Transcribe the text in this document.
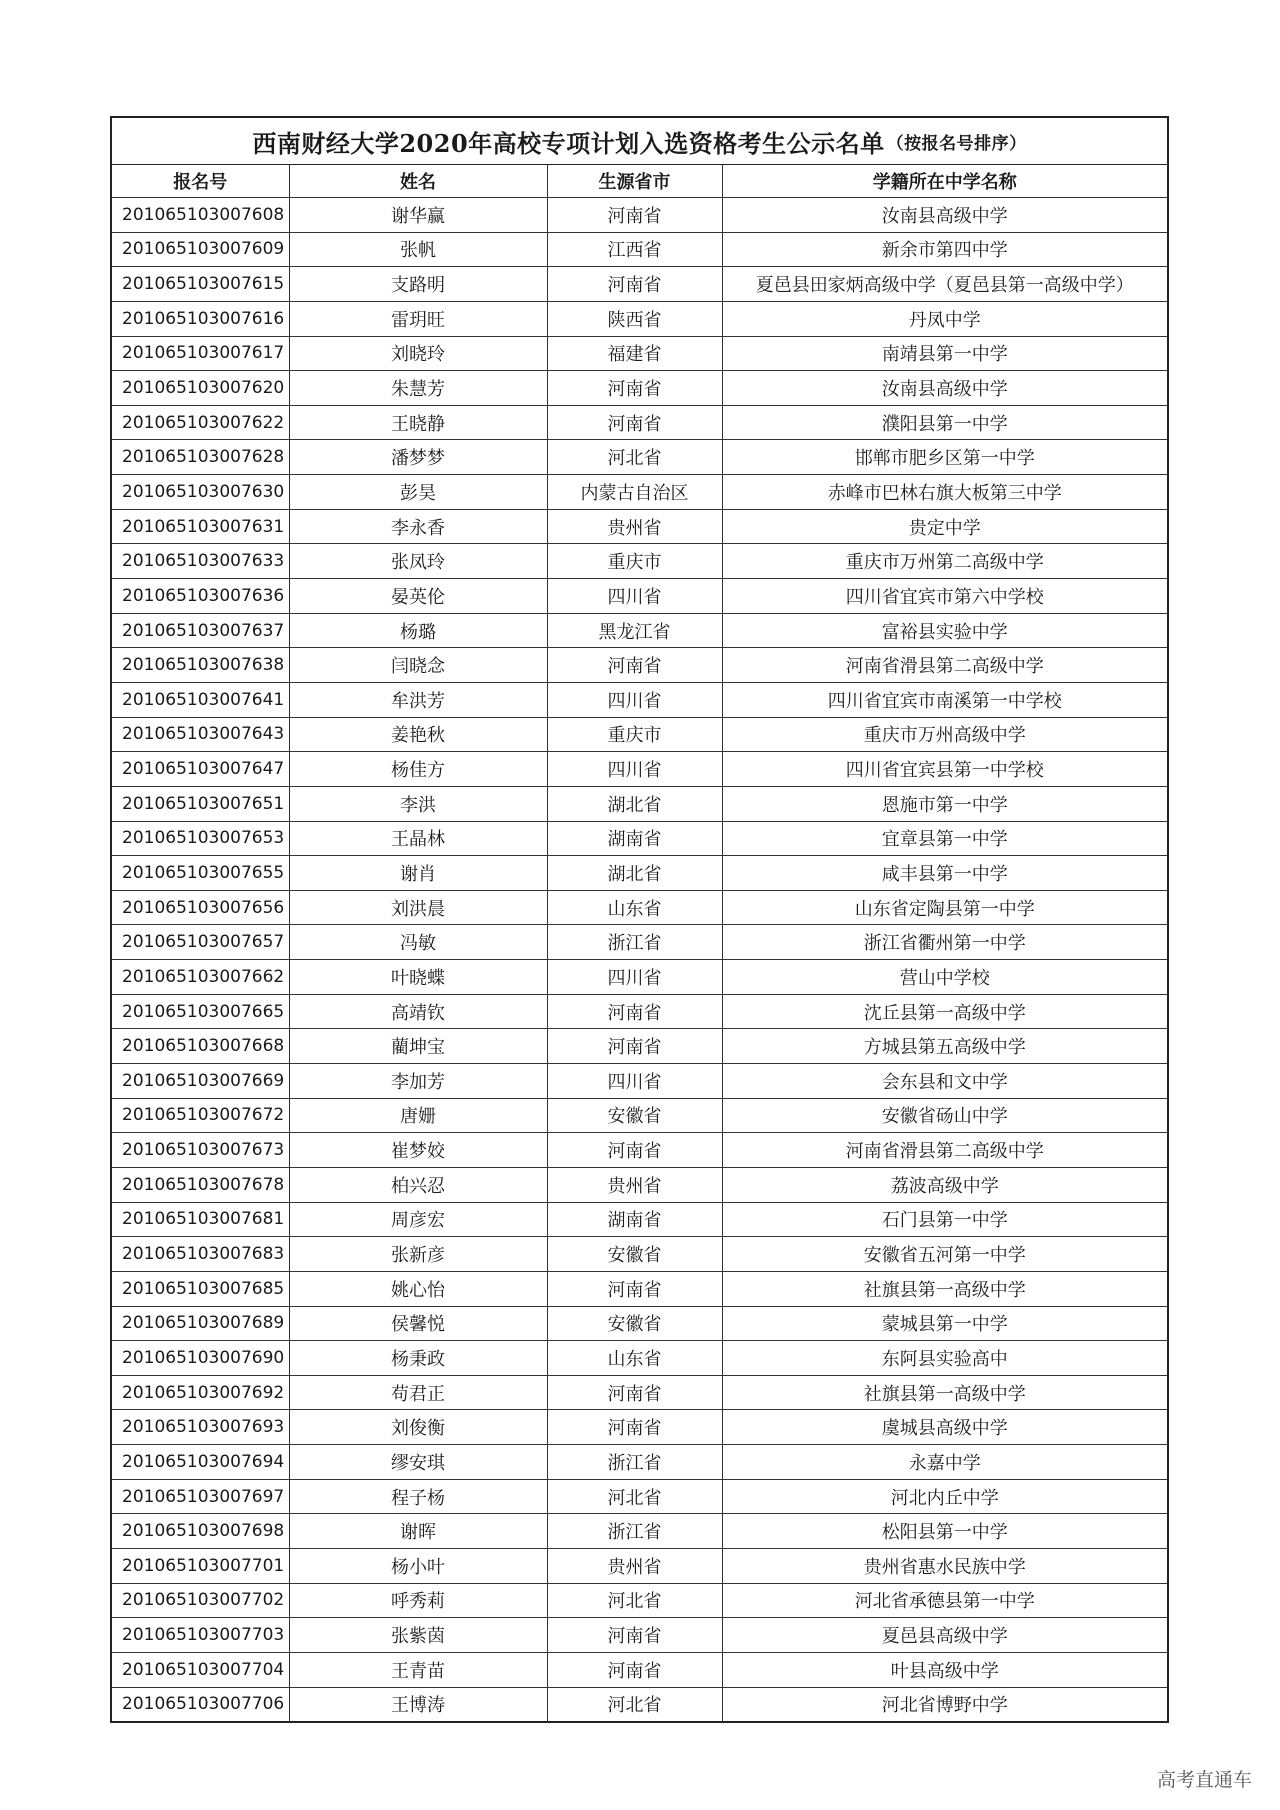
西南财经大学2020年高校专项计划入选资格考生公示名单 （按报名号排序）
报名号	姓名	生源省市	学籍所在中学名称
201065103007608	谢华赢	河南省	汝南县高级中学
201065103007609	张帆	江西省	新余市第四中学
201065103007615	支路明	河南省	夏邑县田家炳高级中学（夏邑县第一高级中学）
201065103007616	雷玥旺	陕西省	丹凤中学
201065103007617	刘晓玲	福建省	南靖县第一中学
201065103007620	朱慧芳	河南省	汝南县高级中学
201065103007622	王晓静	河南省	濮阳县第一中学
201065103007628	潘梦梦	河北省	邯郸市肥乡区第一中学
201065103007630	彭昊	内蒙古自治区	赤峰市巴林右旗大板第三中学
201065103007631	李永香	贵州省	贵定中学
201065103007633	张凤玲	重庆市	重庆市万州第二高级中学
201065103007636	晏英伦	四川省	四川省宜宾市第六中学校
201065103007637	杨璐	黑龙江省	富裕县实验中学
201065103007638	闫晓念	河南省	河南省滑县第二高级中学
201065103007641	牟洪芳	四川省	四川省宜宾市南溪第一中学校
201065103007643	姜艳秋	重庆市	重庆市万州高级中学
201065103007647	杨佳方	四川省	四川省宜宾县第一中学校
201065103007651	李洪	湖北省	恩施市第一中学
201065103007653	王晶林	湖南省	宜章县第一中学
201065103007655	谢肖	湖北省	咸丰县第一中学
201065103007656	刘洪晨	山东省	山东省定陶县第一中学
201065103007657	冯敏	浙江省	浙江省衢州第一中学
201065103007662	叶晓蝶	四川省	营山中学校
201065103007665	高靖钦	河南省	沈丘县第一高级中学
201065103007668	藺坤宝	河南省	方城县第五高级中学
201065103007669	李加芳	四川省	会东县和文中学
201065103007672	唐姗	安徽省	安徽省砀山中学
201065103007673	崔梦姣	河南省	河南省滑县第二高级中学
201065103007678	柏兴忍	贵州省	荔波高级中学
201065103007681	周彦宏	湖南省	石门县第一中学
201065103007683	张新彦	安徽省	安徽省五河第一中学
201065103007685	姚心怡	河南省	社旗县第一高级中学
201065103007689	侯馨悦	安徽省	蒙城县第一中学
201065103007690	杨秉政	山东省	东阿县实验高中
201065103007692	苟君正	河南省	社旗县第一高级中学
201065103007693	刘俊衡	河南省	虞城县高级中学
201065103007694	缪安琪	浙江省	永嘉中学
201065103007697	程子杨	河北省	河北内丘中学
201065103007698	谢晖	浙江省	松阳县第一中学
201065103007701	杨小叶	贵州省	贵州省惠水民族中学
201065103007702	呼秀莉	河北省	河北省承德县第一中学
201065103007703	张紫茵	河南省	夏邑县高级中学
201065103007704	王青苗	河南省	叶县高级中学
201065103007706	王博涛	河北省	河北省博野中学
高考直通车
